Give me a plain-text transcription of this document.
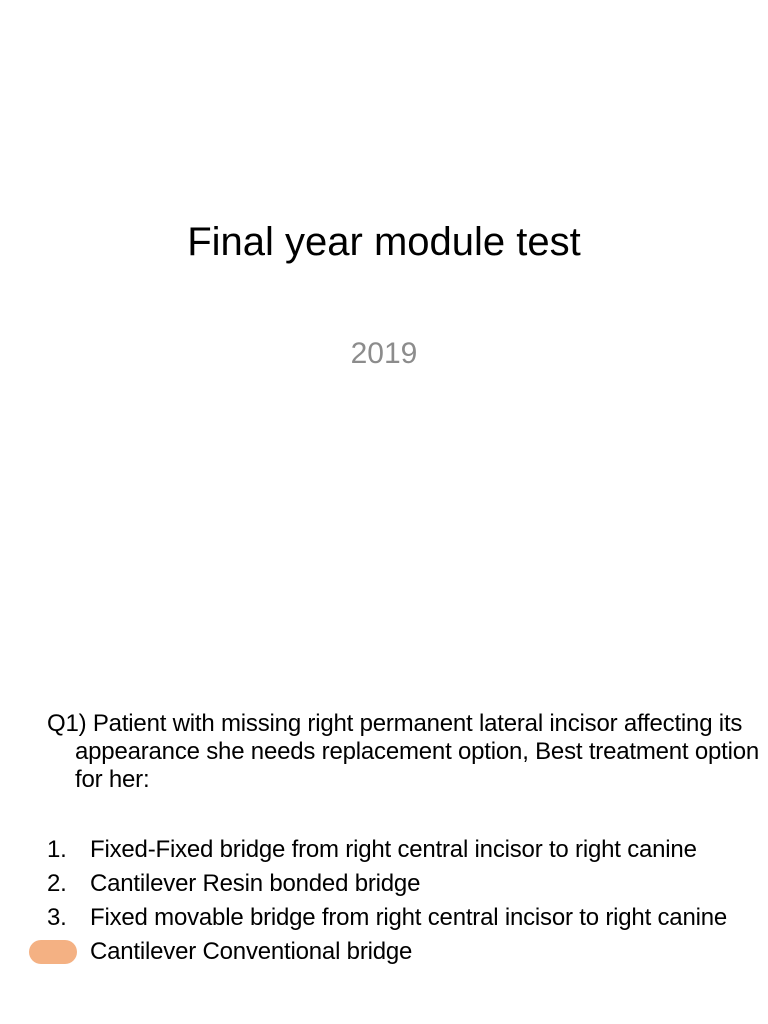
Final year module test
2019
Q1) Patient with missing right permanent lateral incisor affecting its appearance she needs replacement option, Best treatment option for her:
1. Fixed-Fixed bridge from right central incisor to right canine
2. Cantilever Resin bonded bridge
3. Fixed movable bridge from right central incisor to right canine
Cantilever Conventional bridge
